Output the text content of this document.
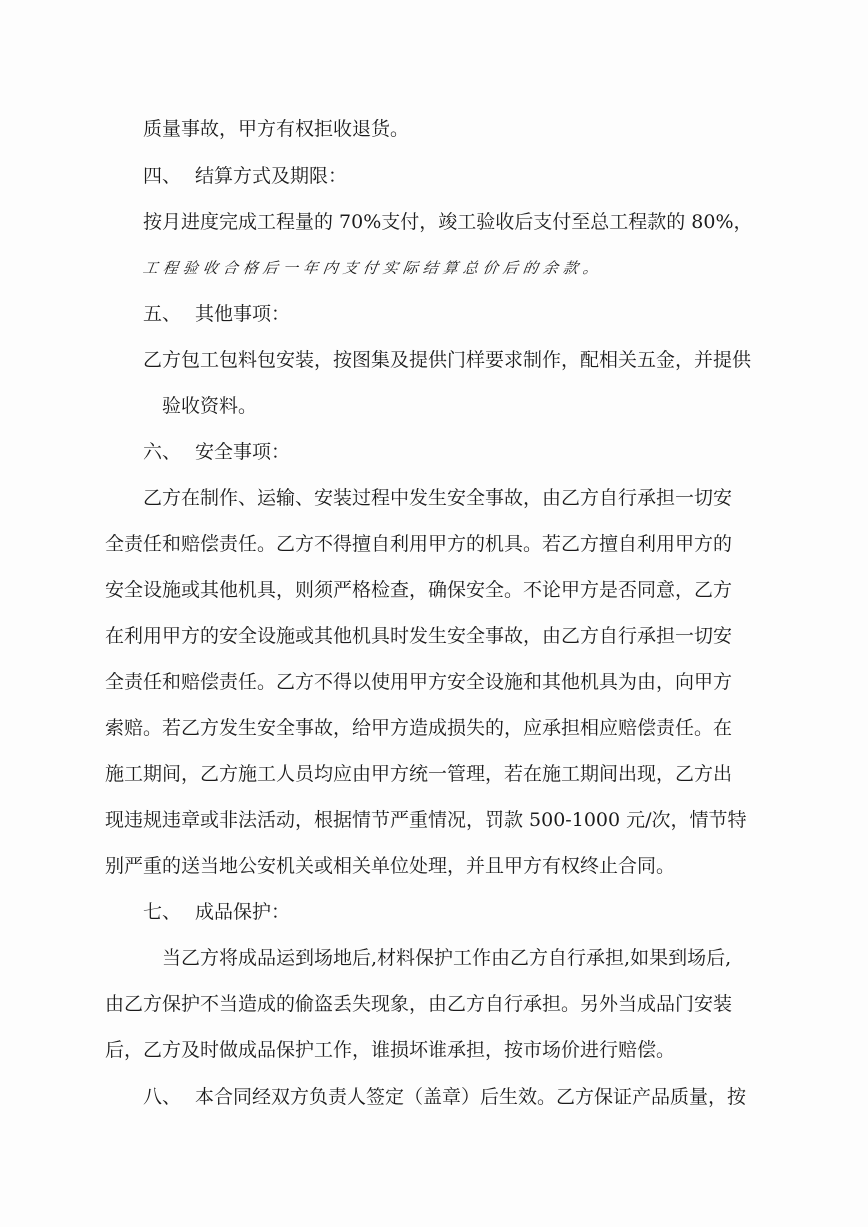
质量事故，甲方有权拒收退货。
四、 结算方式及期限：
按月进度完成工程量的 70%支付，竣工验收后支付至总工程款的 80%，
工程验收合格后一年内支付实际结算总价后的余款。
五、 其他事项：
乙方包工包料包安装，按图集及提供门样要求制作，配相关五金，并提供
验收资料。
六、 安全事项：
乙方在制作、运输、安装过程中发生安全事故，由乙方自行承担一切安
全责任和赔偿责任。乙方不得擅自利用甲方的机具。若乙方擅自利用甲方的
安全设施或其他机具，则须严格检查，确保安全。不论甲方是否同意，乙方
在利用甲方的安全设施或其他机具时发生安全事故，由乙方自行承担一切安
全责任和赔偿责任。乙方不得以使用甲方安全设施和其他机具为由，向甲方
索赔。若乙方发生安全事故，给甲方造成损失的，应承担相应赔偿责任。在
施工期间，乙方施工人员均应由甲方统一管理，若在施工期间出现，乙方出
现违规违章或非法活动，根据情节严重情况，罚款 500-1000 元/次，情节特
别严重的送当地公安机关或相关单位处理，并且甲方有权终止合同。
七、 成品保护：
当乙方将成品运到场地后,材料保护工作由乙方自行承担,如果到场后,
由乙方保护不当造成的偷盗丢失现象，由乙方自行承担。另外当成品门安装
后，乙方及时做成品保护工作，谁损坏谁承担，按市场价进行赔偿。
八、 本合同经双方负责人签定（盖章）后生效。乙方保证产品质量，按
